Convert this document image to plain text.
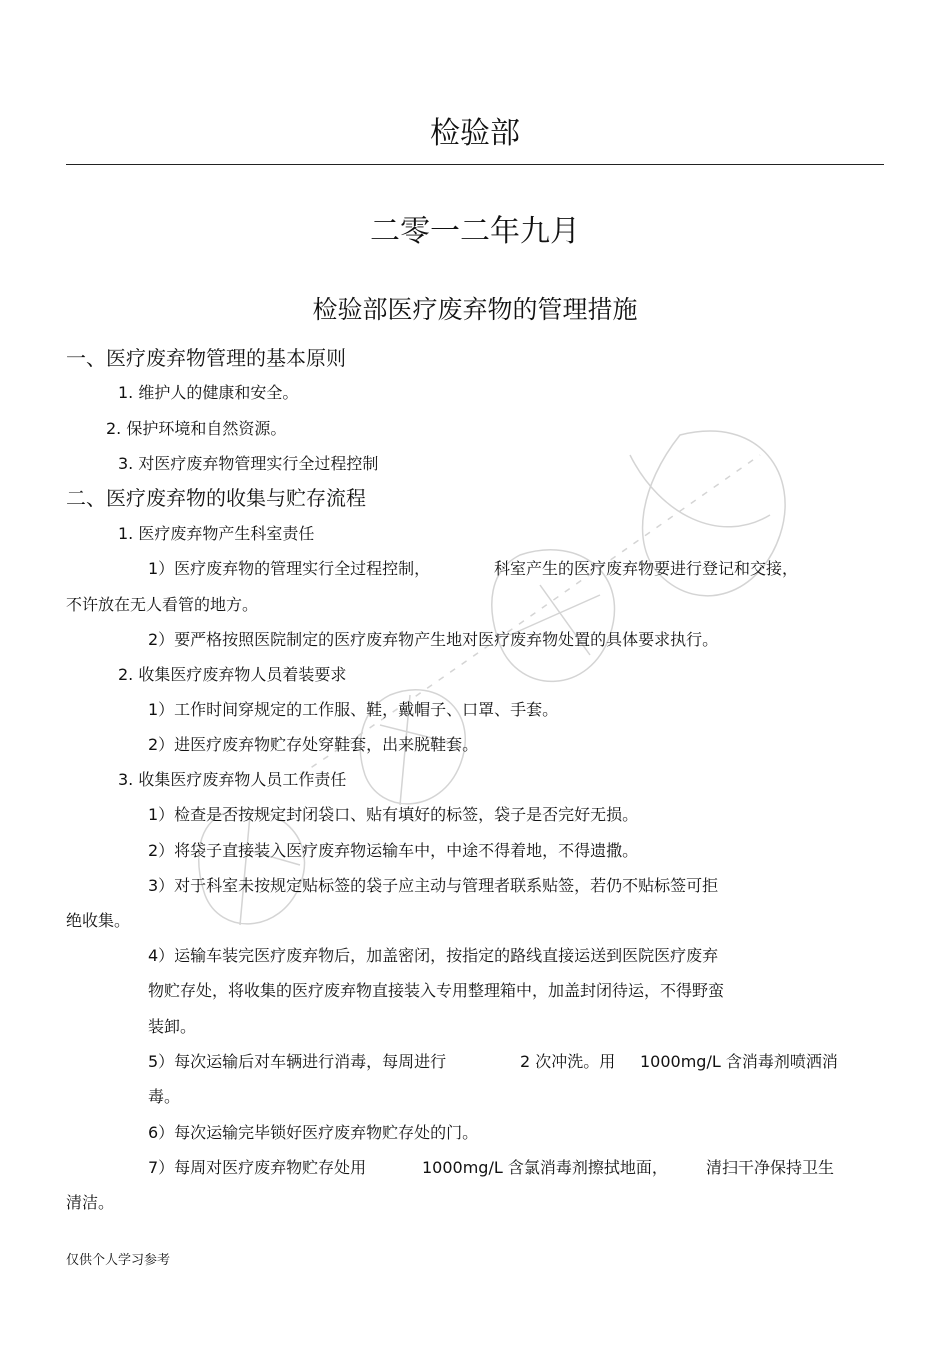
检验部
二零一二年九月
检验部医疗废弃物的管理措施
一、医疗废弃物管理的基本原则
1. 维护人的健康和安全。
2. 保护环境和自然资源。
3. 对医疗废弃物管理实行全过程控制
二、医疗废弃物的收集与贮存流程
1. 医疗废弃物产生科室责任
1）医疗废弃物的管理实行全过程控制，	科室产生的医疗废弃物要进行登记和交接，
不许放在无人看管的地方。
2）要严格按照医院制定的医疗废弃物产生地对医疗废弃物处置的具体要求执行。
2. 收集医疗废弃物人员着装要求
1）工作时间穿规定的工作服、鞋，戴帽子、口罩、手套。
2）进医疗废弃物贮存处穿鞋套，出来脱鞋套。
3. 收集医疗废弃物人员工作责任
1）检查是否按规定封闭袋口、贴有填好的标签，袋子是否完好无损。
2）将袋子直接装入医疗废弃物运输车中，中途不得着地，不得遗撒。
3）对于科室未按规定贴标签的袋子应主动与管理者联系贴签，若仍不贴标签可拒
绝收集。
4）运输车装完医疗废弃物后，加盖密闭，按指定的路线直接运送到医院医疗废弃
物贮存处，将收集的医疗废弃物直接装入专用整理箱中，加盖封闭待运，不得野蛮
装卸。
5）每次运输后对车辆进行消毒，每周进行	2 次冲洗。用 1000mg/L 含消毒剂喷洒消
毒。
6）每次运输完毕锁好医疗废弃物贮存处的门。
7）每周对医疗废弃物贮存处用	1000mg/L 含氯消毒剂擦拭地面， 清扫干净保持卫生
清洁。
仅供个人学习参考
